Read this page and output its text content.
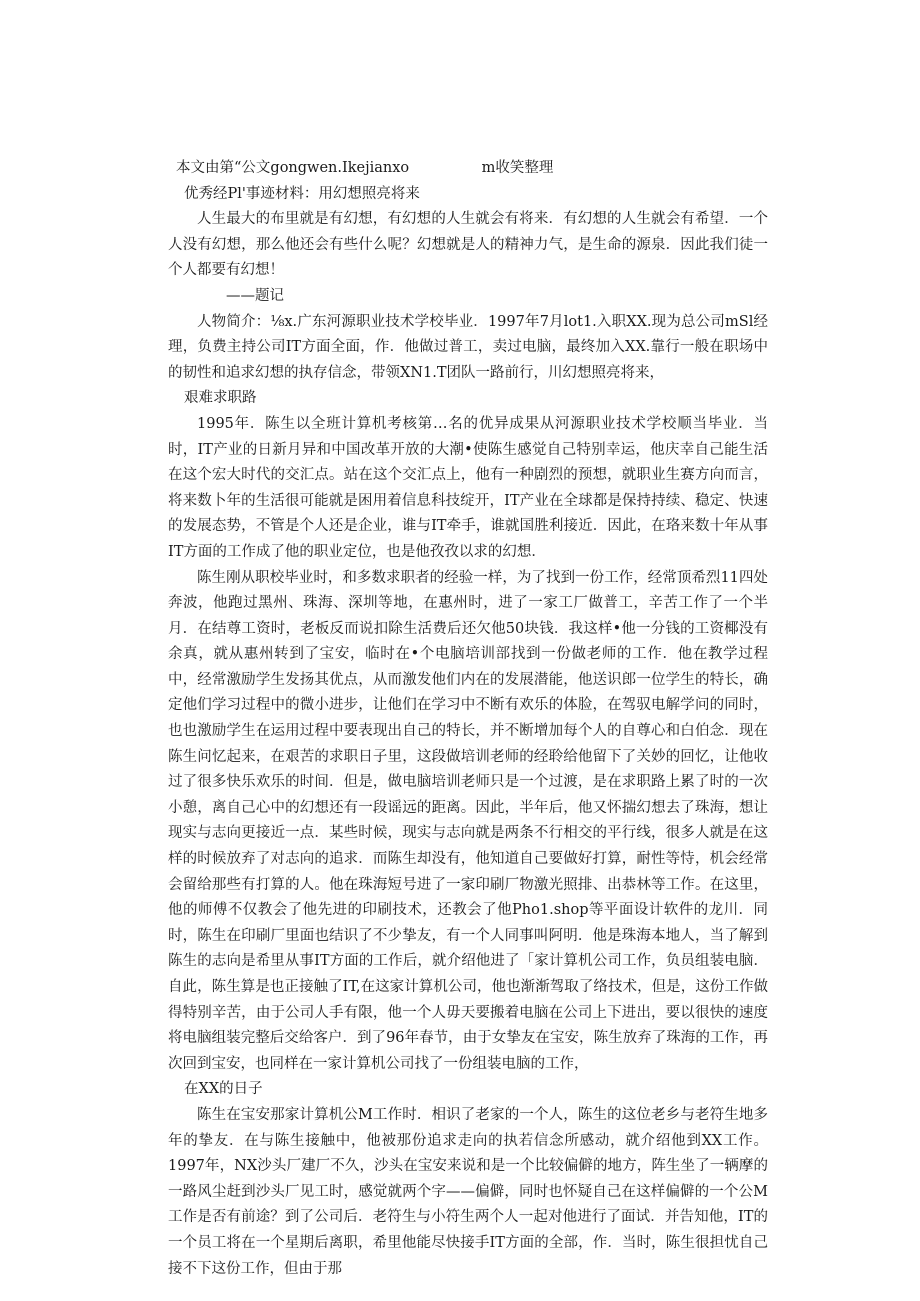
本文由第“公文gongwen.Ikejianxo　　　　　m收笑整理

优秀经Pl'事迹材料：用幻想照亮将来

人生最大的布里就是有幻想，有幻想的人生就会有将来．有幻想的人生就会有希望．一个人没有幻想，那么他还会有些什么呢？幻想就是人的精神力气，是生命的源泉．因此我们徒一个人都要有幻想！

——题记

人物简介：⅛x.广东河源职业技术学校毕业．1997年7月lot1.入职XX.现为总公司mSl经理，负费主持公司IT方面全面，作．他做过普工，卖过电脑，最终加入XX.靠行一般在职场中的韧性和追求幻想的执存信念，带领XN1.T团队一路前行，川幻想照亮将来，

艰难求职路

1995年．陈生以全班计算机考核第…名的优异成果从河源职业技术学校顺当毕业．当时，IT产业的日新月异和中国改革开放的大潮•使陈生感觉自己特别幸运，他庆幸自己能生活在这个宏大时代的交汇点。站在这个交汇点上，他有一种剧烈的预想，就职业生赛方向而言，将来数卜年的生活很可能就是困用着信息科技绽开，IT产业在全球都是保持持续、稳定、快速的发展态势，不管是个人还是企业，谁与IT牵手，谁就国胜利接近．因此，在珞来数十年从事IT方面的工作成了他的职业定位，也是他孜孜以求的幻想．

陈生刚从职校毕业时，和多数求职者的经验一样，为了找到一份工作，经常顶希烈11四处奔波，他跑过黑州、珠海、深圳等地，在惠州时，进了一家工厂做普工，辛苦工作了一个半月．在结尊工资时，老板反而说扣除生活费后还欠他50块钱．我这样•他一分钱的工资椰没有余真，就从惠州转到了宝安，临时在•个电脑培训部找到一份做老师的工作．他在教学过程中，经常激励学生发扬其优点，从而激发他们内在的发展潜能，他送识郎一位学生的特长，确定他们学习过程中的微小进步，让他们在学习中不断有欢乐的体脸，在驾驭电解学问的同时，也也激励学生在运用过程中要表现出自己的特长，并不断增加每个人的自尊心和白伯念．现在陈生问忆起来，在艰苦的求职日子里，这段做培训老师的经聆给他留下了关妙的回忆，让他收过了很多快乐欢乐的时间．但是，做电脑培训老师只是一个过渡，是在求职路上累了时的一次小憩，离自己心中的幻想还有一段谣远的距离。因此，半年后，他又怀揣幻想去了珠海，想让现实与志向更接近一点．某些时候，现实与志向就是两条不行相交的平行线，很多人就是在这样的时候放弃了对志向的追求．而陈生却没有，他知道自己要做好打算，耐性等恃，机会经常会留给那些有打算的人。他在珠海短号进了一家印刷厂物激光照排、出恭林等工作。在这里，他的师傅不仅教会了他先进的印刷技术，还教会了他Pho1.shop等平面设计软件的龙川．同时，陈生在印刷厂里面也结识了不少挚友，有一个人同事叫阿明．他是珠海本地人，当了解到陈生的志向是希里从事IT方面的工作后，就介绍他进了「家计算机公司工作，负员组装电脑．自此，陈生算是也正接触了IT,在这家计算机公司，他也渐渐驾取了络技术，但是，这份工作做得特别辛苦，由于公司人手有限，他一个人毋天要搬着电脑在公司上下进出，要以很快的速度将电脑组装完整后交给客户．到了96年春节，由于女挚友在宝安，陈生放弃了珠海的工作，再次回到宝安，也同样在一家计算机公司找了一份组装电脑的工作，

在XX的日子

陈生在宝安那家计算机公M工作时．相识了老家的一个人，陈生的这位老乡与老符生地多年的挚友．在与陈生接触中，他被那份追求走向的执若信念所感动，就介绍他到XX工作。1997年，NX沙头厂建厂不久，沙头在宝安来说和是一个比较偏僻的地方，阵生坐了一辆摩的一路风尘赶到沙头厂见工时，感觉就两个字——偏僻，同时也怀疑自己在这样偏僻的一个公M工作是否有前途？到了公司后．老符生与小符生两个人一起对他进行了面试．并告知他，IT的一个员工将在一个星期后离职，希里他能尽快接手IT方面的全部，作．当时，陈生很担忧自己接不下这份工作，但由于那
